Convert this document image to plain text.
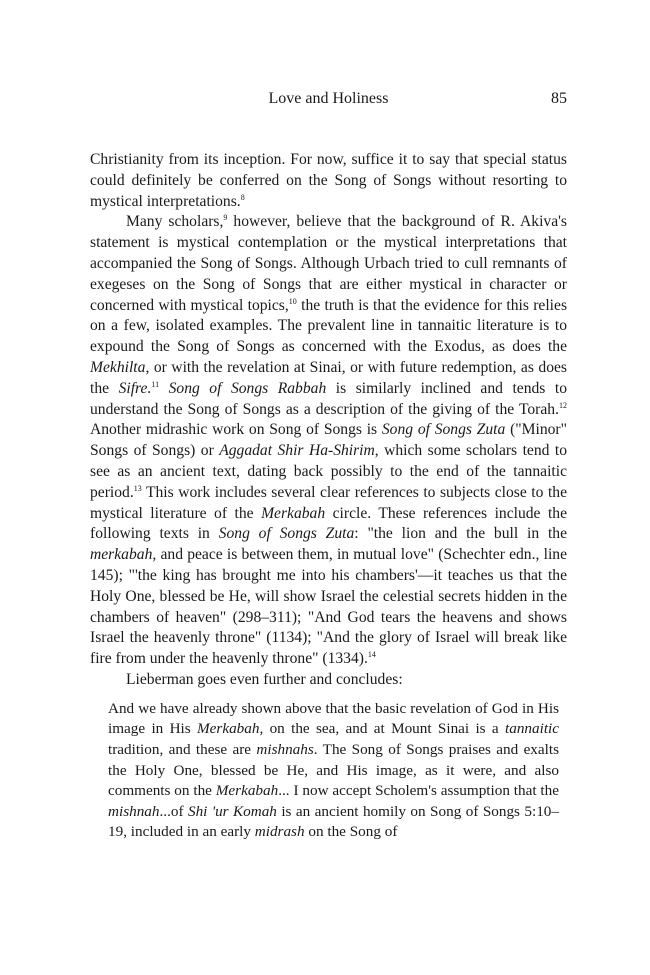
Love and Holiness	85

Christianity from its inception. For now, suffice it to say that special status could definitely be conferred on the Song of Songs without resorting to mystical interpretations.$^8$

Many scholars,$^9$ however, believe that the background of R. Akiva's statement is mystical contemplation or the mystical interpretations that accompanied the Song of Songs. Although Urbach tried to cull remnants of exegeses on the Song of Songs that are either mystical in character or concerned with mystical topics,$^{10}$ the truth is that the evidence for this relies on a few, isolated examples. The prevalent line in tannaitic literature is to expound the Song of Songs as concerned with the Exodus, as does the Mekhilta, or with the revelation at Sinai, or with future redemption, as does the Sifre.$^{11}$ Song of Songs Rabbah is similarly inclined and tends to understand the Song of Songs as a description of the giving of the Torah.$^{12}$ Another midrashic work on Song of Songs is Song of Songs Zuta ("Minor" Songs of Songs) or Aggadat Shir Ha-Shirim, which some scholars tend to see as an ancient text, dating back possibly to the end of the tannaitic period.$^{13}$ This work includes several clear references to subjects close to the mystical literature of the Merkabah circle. These references include the following texts in Song of Songs Zuta: "the lion and the bull in the merkabah, and peace is between them, in mutual love" (Schechter edn., line 145); "'the king has brought me into his chambers'—it teaches us that the Holy One, blessed be He, will show Israel the celestial secrets hidden in the chambers of heaven" (298–311); "And God tears the heavens and shows Israel the heavenly throne" (1134); "And the glory of Israel will break like fire from under the heavenly throne" (1334).$^{14}$

Lieberman goes even further and concludes:

And we have already shown above that the basic revelation of God in His image in His Merkabah, on the sea, and at Mount Sinai is a tannaitic tradition, and these are mishnahs. The Song of Songs praises and exalts the Holy One, blessed be He, and His image, as it were, and also comments on the Merkabah... I now accept Scholem's assumption that the mishnah...of Shi 'ur Komah is an ancient homily on Song of Songs 5:10–19, included in an early midrash on the Song of
